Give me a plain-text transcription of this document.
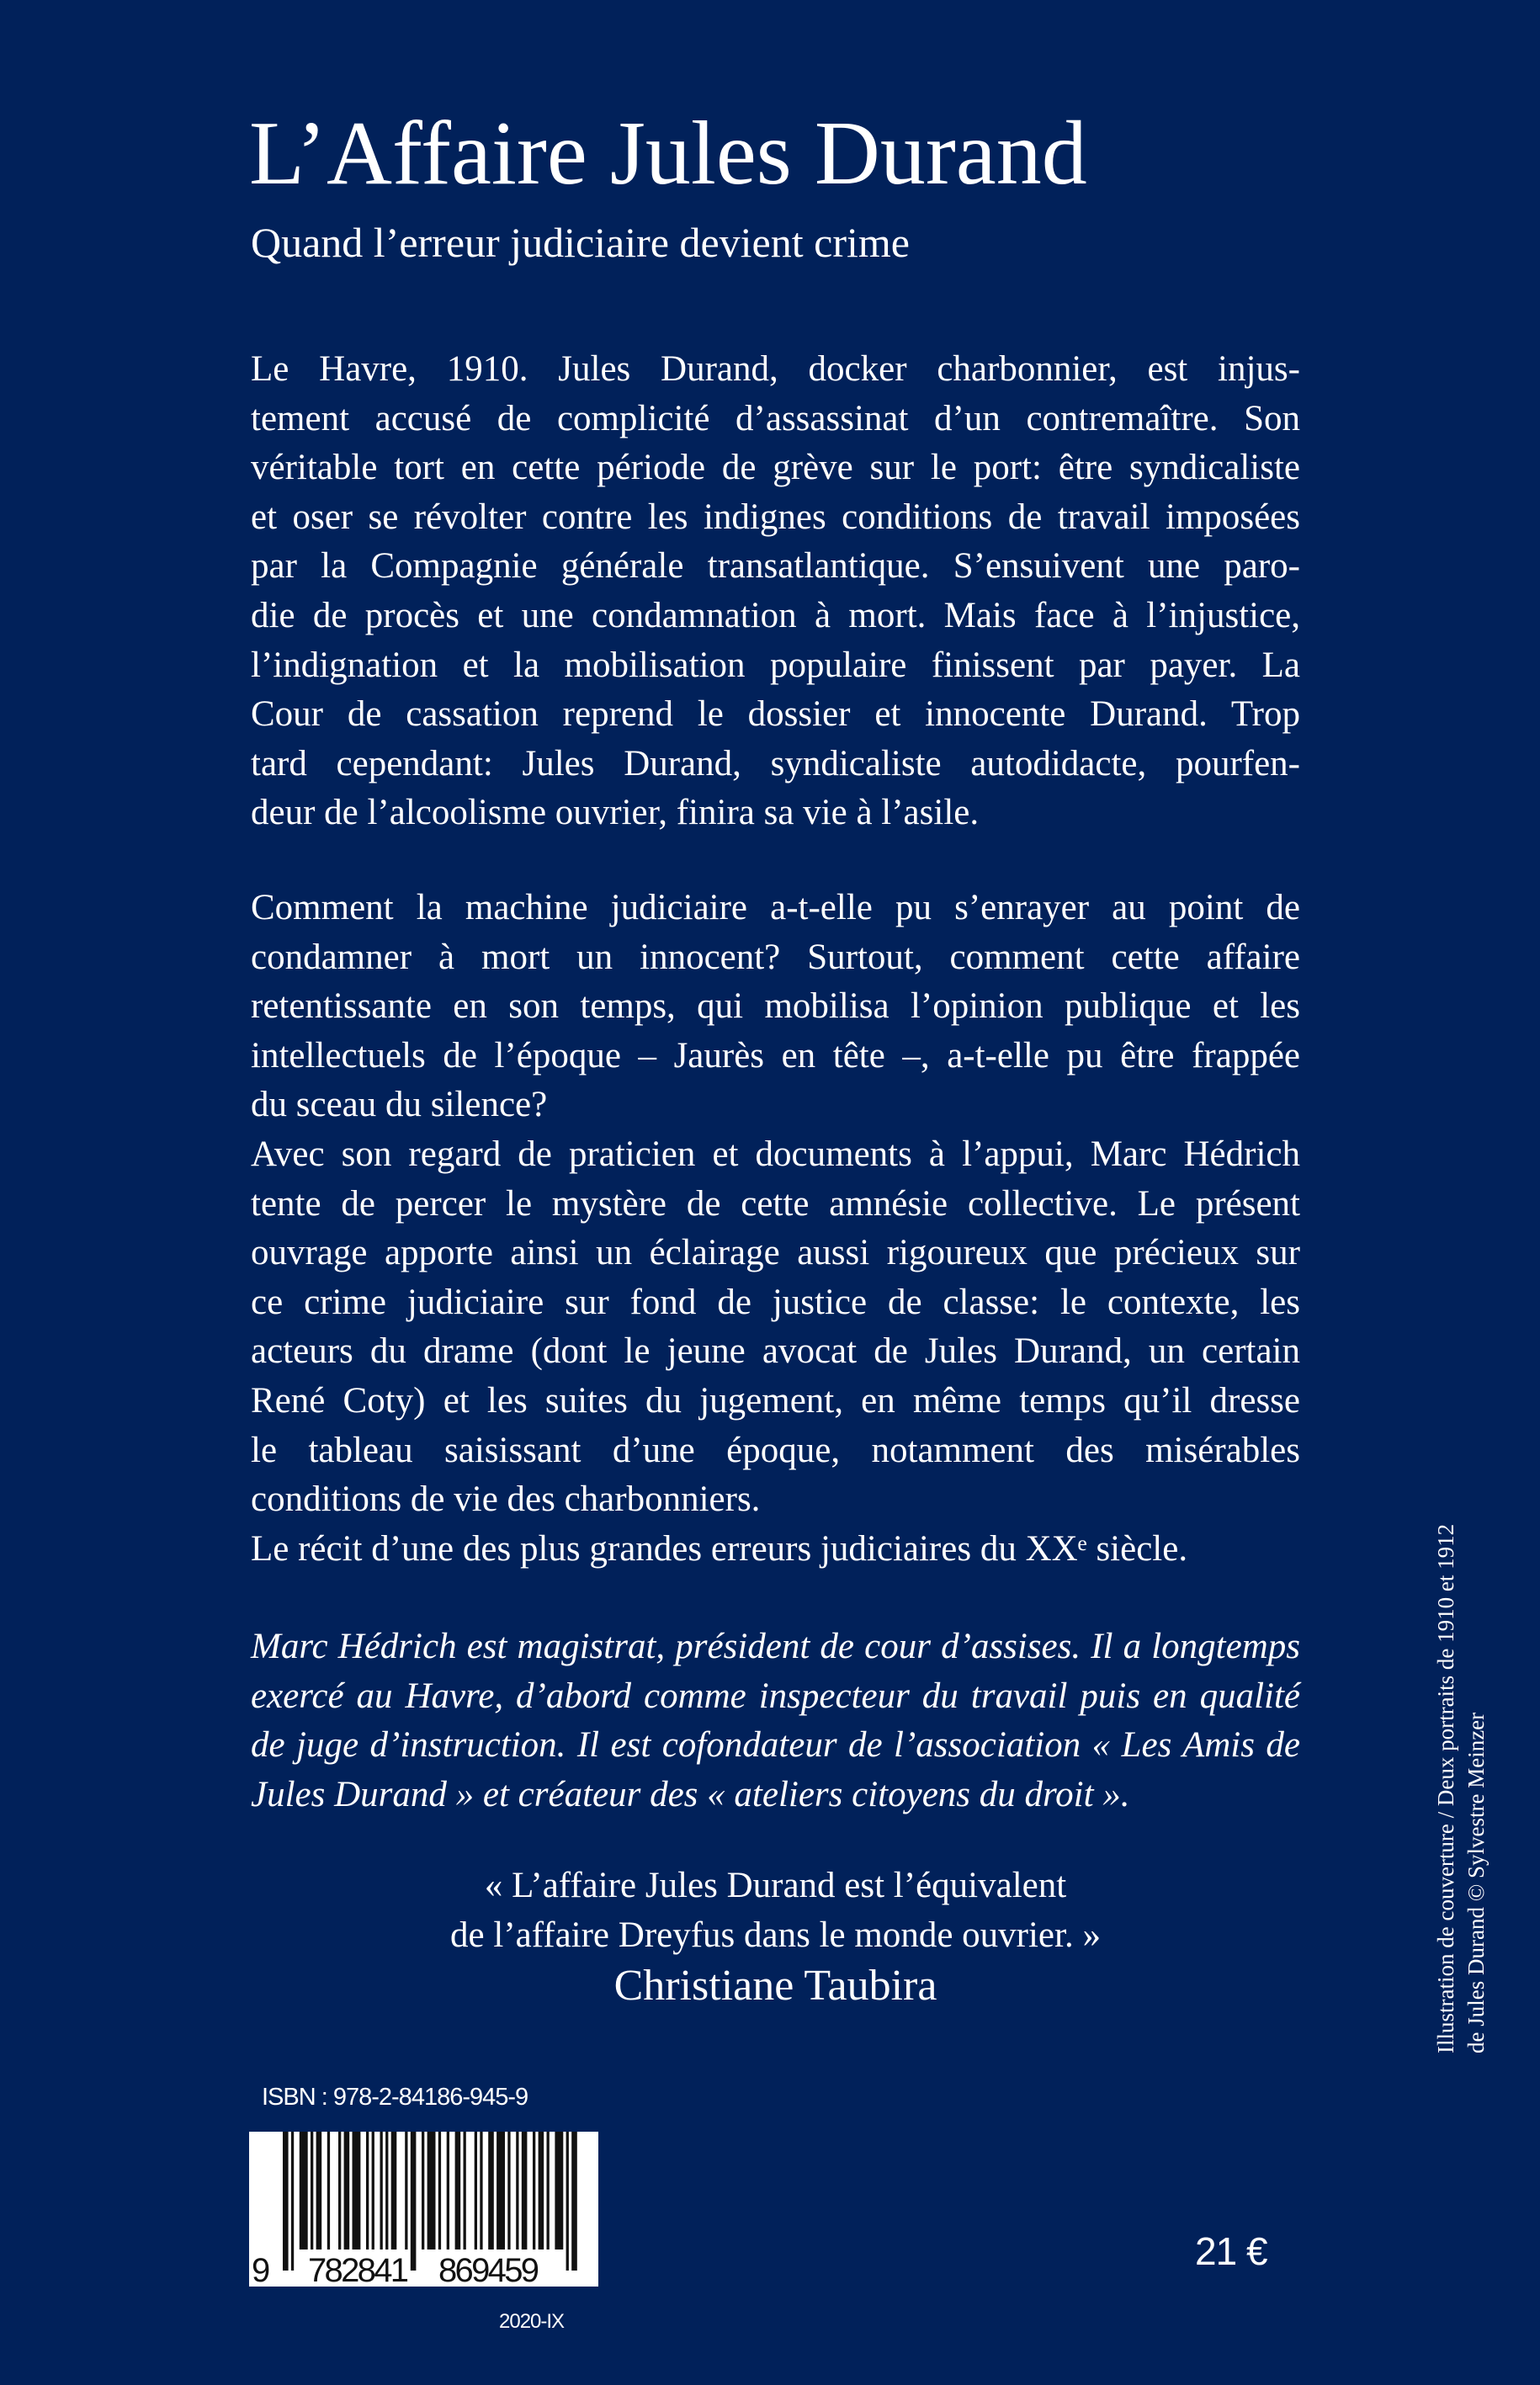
L’Affaire Jules Durand
Quand l’erreur judiciaire devient crime
Le Havre, 1910. Jules Durand, docker charbonnier, est injus-
tement accusé de complicité d’assassinat d’un contremaître. Son
véritable tort en cette période de grève sur le port: être syndicaliste
et oser se révolter contre les indignes conditions de travail imposées
par la Compagnie générale transatlantique. S’ensuivent une paro-
die de procès et une condamnation à mort. Mais face à l’injustice,
l’indignation et la mobilisation populaire finissent par payer. La
Cour de cassation reprend le dossier et innocente Durand. Trop
tard cependant: Jules Durand, syndicaliste autodidacte, pourfen-
deur de l’alcoolisme ouvrier, finira sa vie à l’asile.
Comment la machine judiciaire a-t-elle pu s’enrayer au point de
condamner à mort un innocent? Surtout, comment cette affaire
retentissante en son temps, qui mobilisa l’opinion publique et les
intellectuels de l’époque – Jaurès en tête –, a-t-elle pu être frappée
du sceau du silence?
Avec son regard de praticien et documents à l’appui, Marc Hédrich
tente de percer le mystère de cette amnésie collective. Le présent
ouvrage apporte ainsi un éclairage aussi rigoureux que précieux sur
ce crime judiciaire sur fond de justice de classe: le contexte, les
acteurs du drame (dont le jeune avocat de Jules Durand, un certain
René Coty) et les suites du jugement, en même temps qu’il dresse
le tableau saisissant d’une époque, notamment des misérables
conditions de vie des charbonniers.
Le récit d’une des plus grandes erreurs judiciaires du XXᵉ siècle.
Marc Hédrich est magistrat, président de cour d’assises. Il a longtemps
exercé au Havre, d’abord comme inspecteur du travail puis en qualité
de juge d’instruction. Il est cofondateur de l’association « Les Amis de
Jules Durand » et créateur des « ateliers citoyens du droit ».
« L’affaire Jules Durand est l’équivalent
de l’affaire Dreyfus dans le monde ouvrier. »
Christiane Taubira
ISBN : 978-2-84186-945-9
9 782841 869459
2020-IX
21 €
Illustration de couverture / Deux portraits de 1910 et 1912 de Jules Durand © Sylvestre Meinzer
